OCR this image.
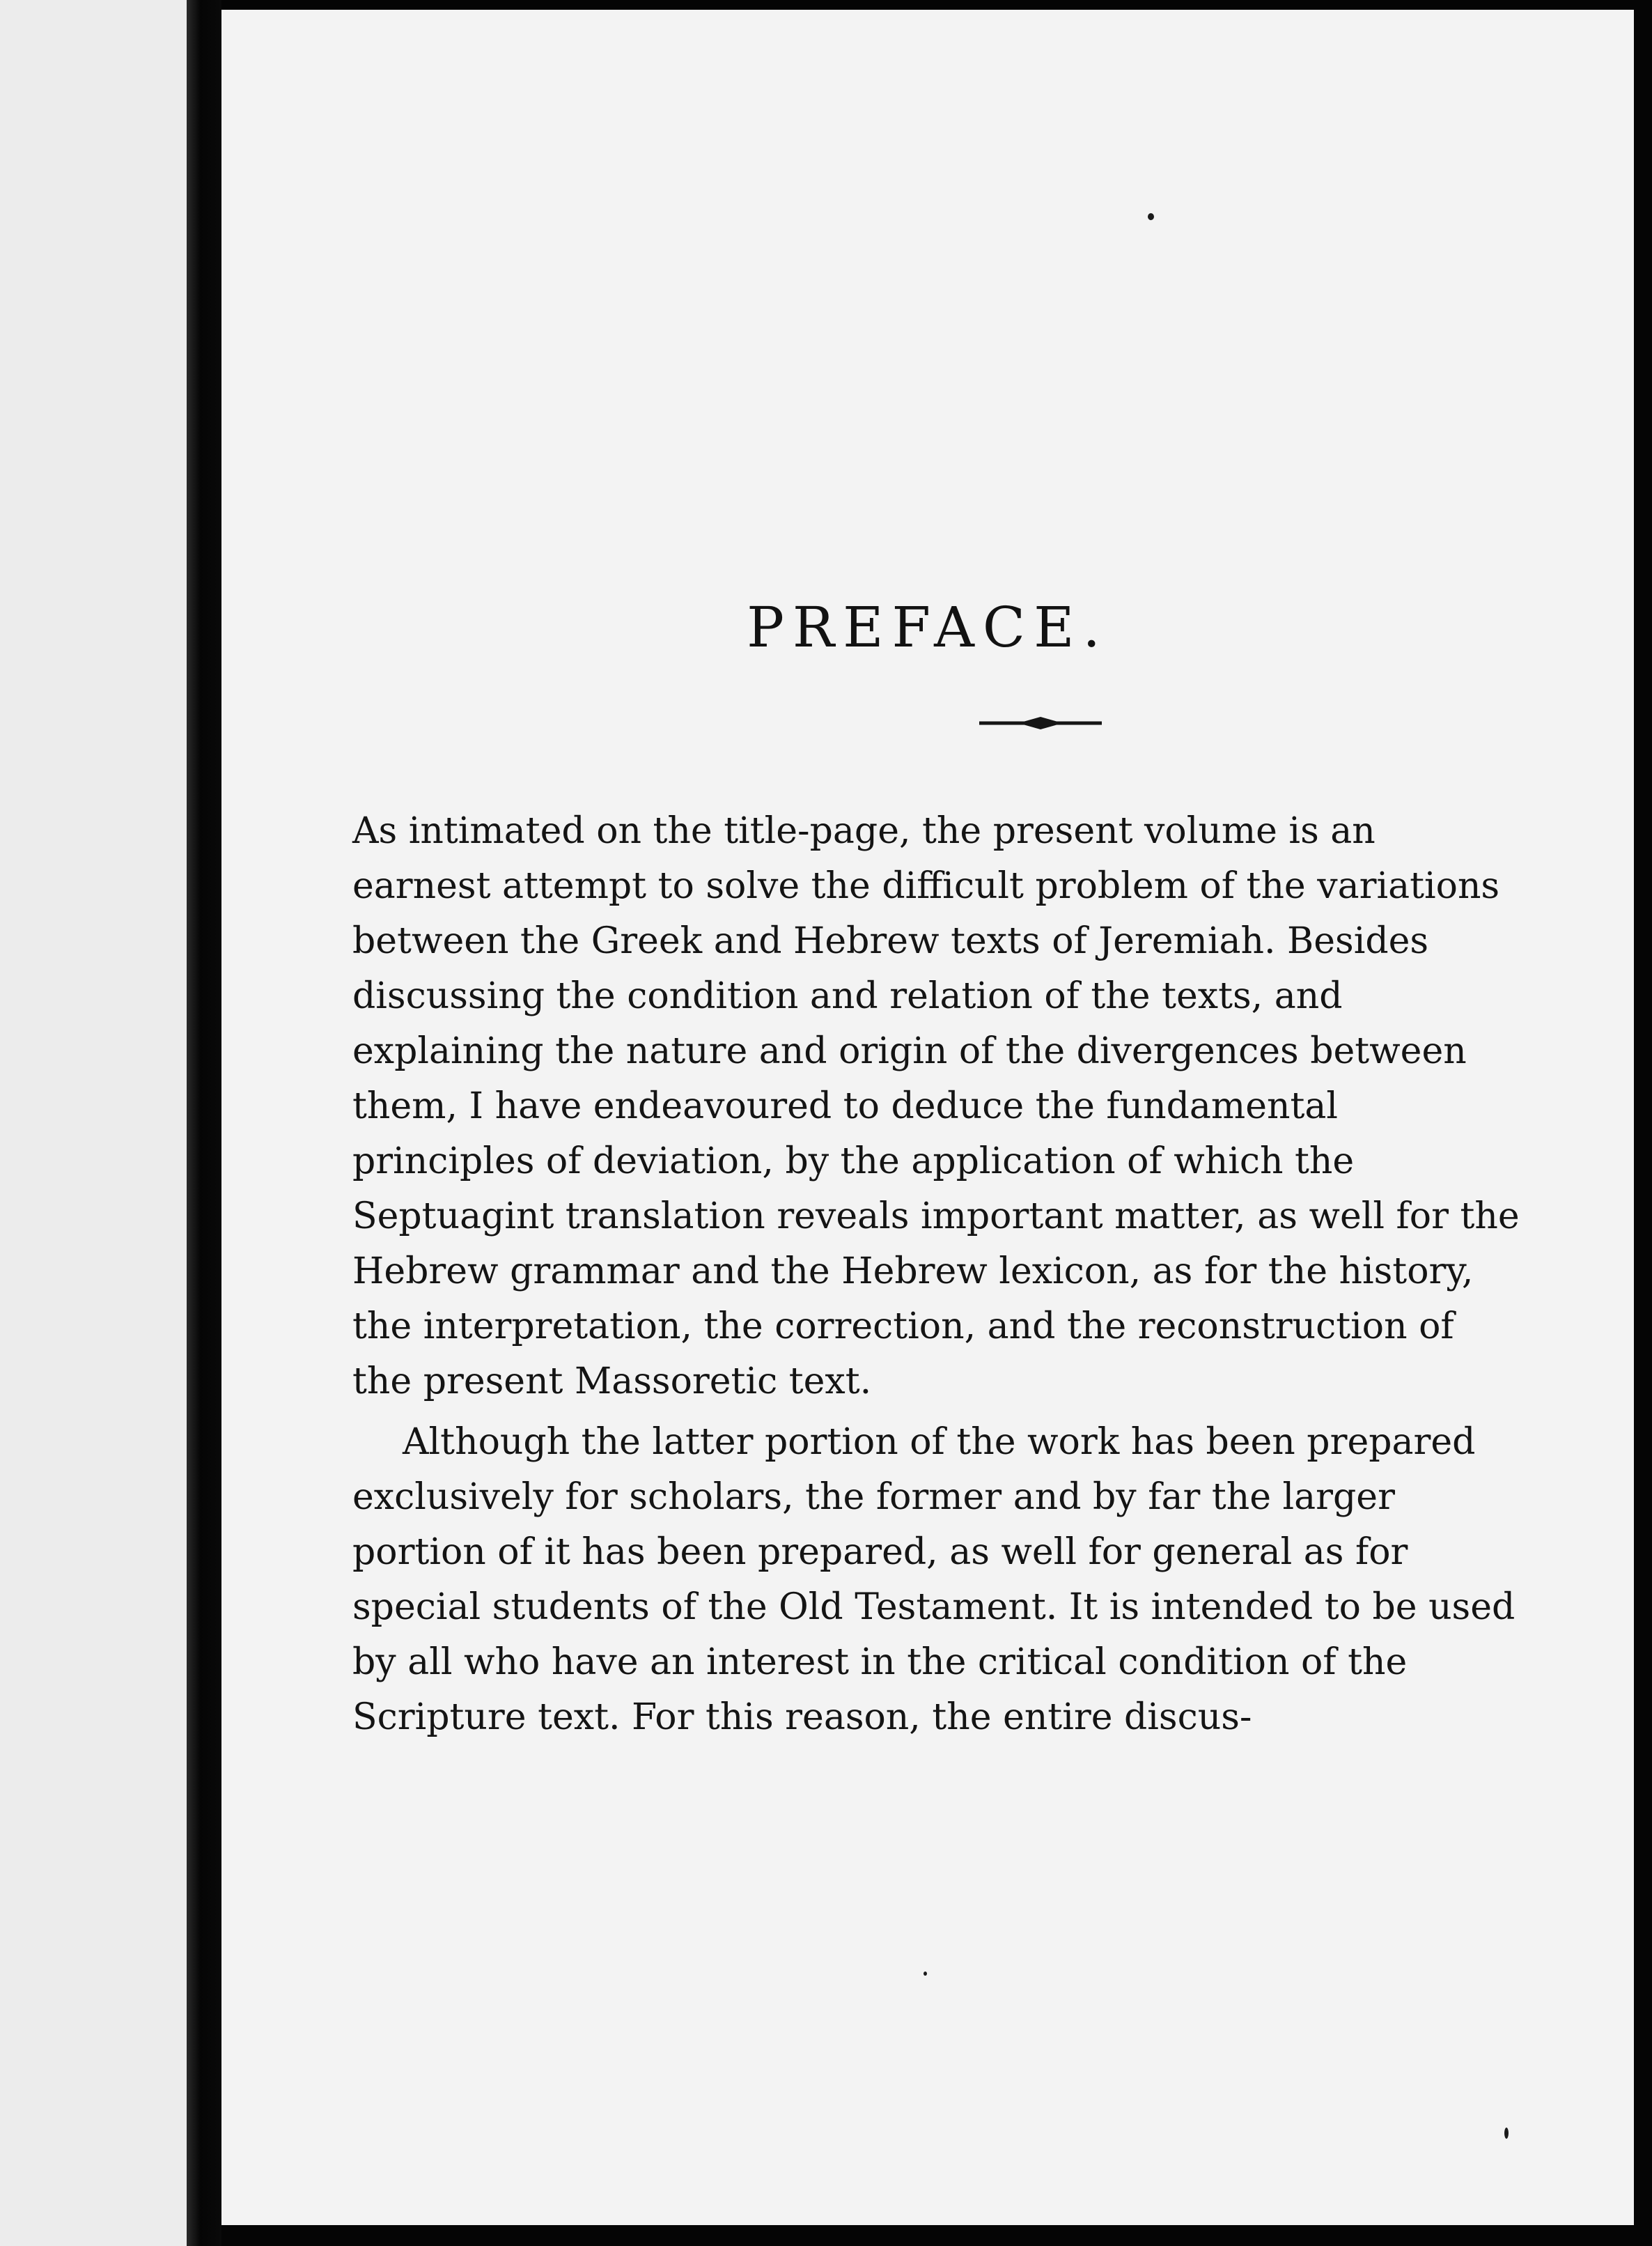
PREFACE.

As intimated on the title-page, the present volume is an earnest attempt to solve the difficult problem of the variations between the Greek and Hebrew texts of Jeremiah. Besides discussing the condition and relation of the texts, and explaining the nature and origin of the divergences between them, I have endeavoured to deduce the fundamental principles of deviation, by the application of which the Septuagint translation reveals important matter, as well for the Hebrew grammar and the Hebrew lexicon, as for the history, the interpretation, the correction, and the reconstruction of the present Massoretic text.

Although the latter portion of the work has been prepared exclusively for scholars, the former and by far the larger portion of it has been prepared, as well for general as for special students of the Old Testament. It is intended to be used by all who have an interest in the critical condition of the Scripture text. For this reason, the entire discus-
